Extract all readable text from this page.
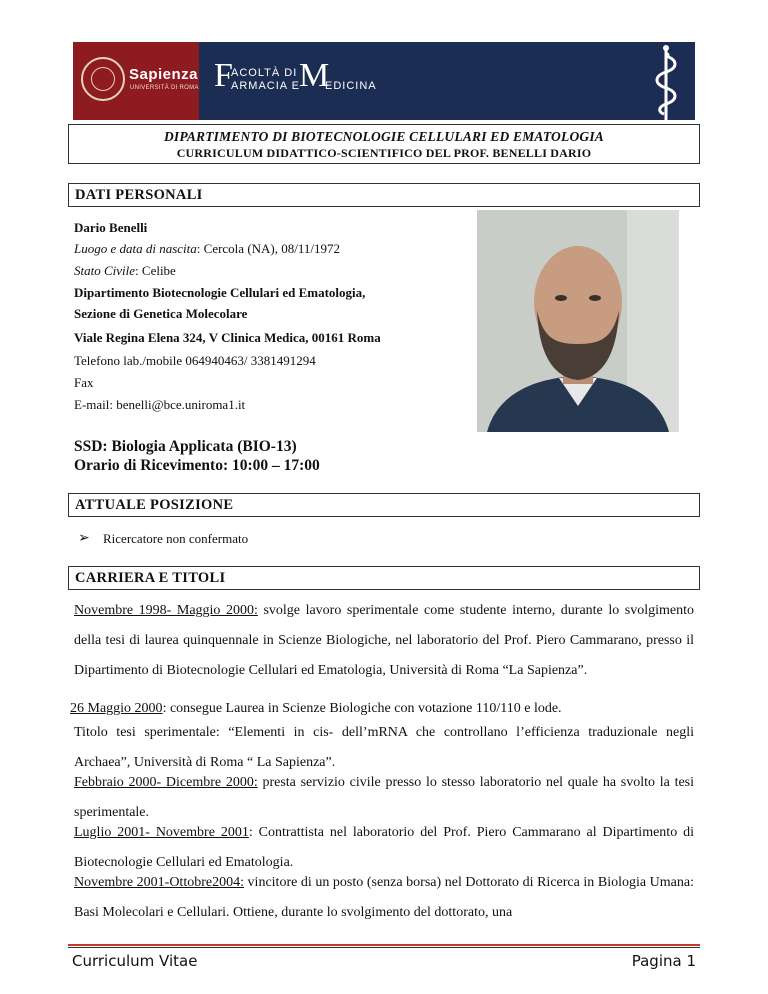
Sapienza
UNIVERSITÀ DI ROMA F
ACOLTÀ DI
ARMACIA E M
EDICINA
DIPARTIMENTO DI BIOTECNOLOGIE CELLULARI ED EMATOLOGIA
CURRICULUM DIDATTICO-SCIENTIFICO DEL PROF. BENELLI DARIO
DATI PERSONALI
Dario Benelli
Luogo e data di nascita: Cercola (NA), 08/11/1972
Stato Civile: Celibe
Dipartimento Biotecnologie Cellulari ed Ematologia,
Sezione di Genetica Molecolare
Viale Regina Elena 324, V Clinica Medica, 00161 Roma
Telefono lab./mobile 064940463/ 3381491294
Fax
E-mail: benelli@bce.uniroma1.it
SSD: Biologia Applicata (BIO-13)
Orario di Ricevimento: 10:00 – 17:00
ATTUALE POSIZIONE
➢ Ricercatore non confermato
CARRIERA E TITOLI
Novembre 1998- Maggio 2000: svolge lavoro sperimentale come studente interno, durante lo svolgimento della tesi di laurea quinquennale in Scienze Biologiche, nel laboratorio del Prof. Piero Cammarano, presso il Dipartimento di Biotecnologie Cellulari ed Ematologia, Università di Roma “La Sapienza”.
26 Maggio 2000: consegue Laurea in Scienze Biologiche con votazione 110/110 e lode.
Titolo tesi sperimentale: “Elementi in cis- dell’mRNA che controllano l’efficienza traduzionale negli Archaea”, Università di Roma “ La Sapienza”.
Febbraio 2000- Dicembre 2000: presta servizio civile presso lo stesso laboratorio nel quale ha svolto la tesi sperimentale.
Luglio 2001- Novembre 2001: Contrattista nel laboratorio del Prof. Piero Cammarano al Dipartimento di Biotecnologie Cellulari ed Ematologia.
Novembre 2001-Ottobre2004: vincitore di un posto (senza borsa) nel Dottorato di Ricerca in Biologia Umana: Basi Molecolari e Cellulari. Ottiene, durante lo svolgimento del dottorato, una
Curriculum Vitae	Pagina 1
